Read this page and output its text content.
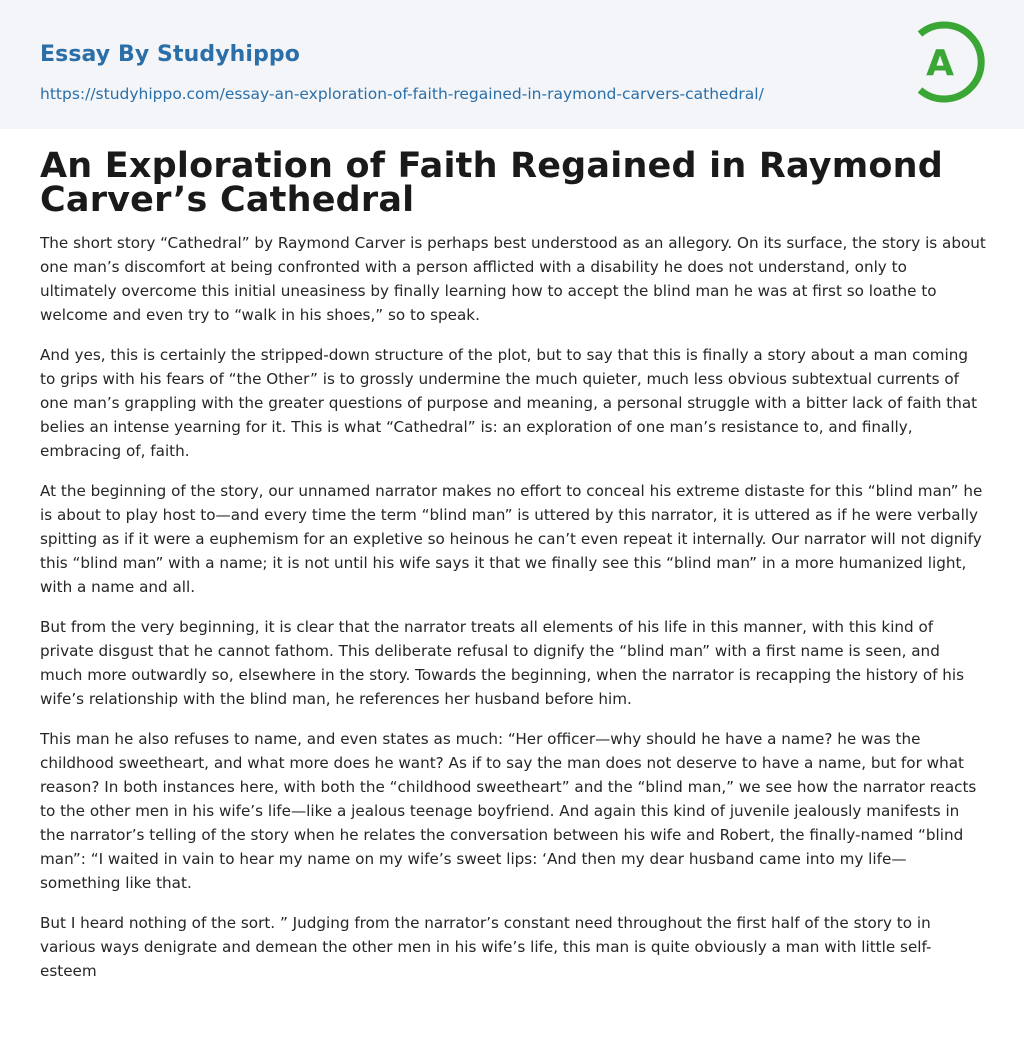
Essay By Studyhippo
https://studyhippo.com/essay-an-exploration-of-faith-regained-in-raymond-carvers-cathedral/
A
An Exploration of Faith Regained in Raymond Carver’s Cathedral

The short story “Cathedral” by Raymond Carver is perhaps best understood as an allegory. On its surface, the story is about one man’s discomfort at being confronted with a person afflicted with a disability he does not understand, only to ultimately overcome this initial uneasiness by finally learning how to accept the blind man he was at first so loathe to welcome and even try to “walk in his shoes,” so to speak.

And yes, this is certainly the stripped-down structure of the plot, but to say that this is finally a story about a man coming to grips with his fears of “the Other” is to grossly undermine the much quieter, much less obvious subtextual currents of one man’s grappling with the greater questions of purpose and meaning, a personal struggle with a bitter lack of faith that belies an intense yearning for it. This is what “Cathedral” is: an exploration of one man’s resistance to, and finally, embracing of, faith.

At the beginning of the story, our unnamed narrator makes no effort to conceal his extreme distaste for this “blind man” he is about to play host to—and every time the term “blind man” is uttered by this narrator, it is uttered as if he were verbally spitting as if it were a euphemism for an expletive so heinous he can’t even repeat it internally. Our narrator will not dignify this “blind man” with a name; it is not until his wife says it that we finally see this “blind man” in a more humanized light, with a name and all.

But from the very beginning, it is clear that the narrator treats all elements of his life in this manner, with this kind of private disgust that he cannot fathom. This deliberate refusal to dignify the “blind man” with a first name is seen, and much more outwardly so, elsewhere in the story. Towards the beginning, when the narrator is recapping the history of his wife’s relationship with the blind man, he references her husband before him.

This man he also refuses to name, and even states as much: “Her officer—why should he have a name? he was the childhood sweetheart, and what more does he want? As if to say the man does not deserve to have a name, but for what reason? In both instances here, with both the “childhood sweetheart” and the “blind man,” we see how the narrator reacts to the other men in his wife’s life—like a jealous teenage boyfriend. And again this kind of juvenile jealously manifests in the narrator’s telling of the story when he relates the conversation between his wife and Robert, the finally-named “blind man”: “I waited in vain to hear my name on my wife’s sweet lips: ‘And then my dear husband came into my life—something like that.

But I heard nothing of the sort. ” Judging from the narrator’s constant need throughout the first half of the story to in various ways denigrate and demean the other men in his wife’s life, this man is quite obviously a man with little self-esteem
